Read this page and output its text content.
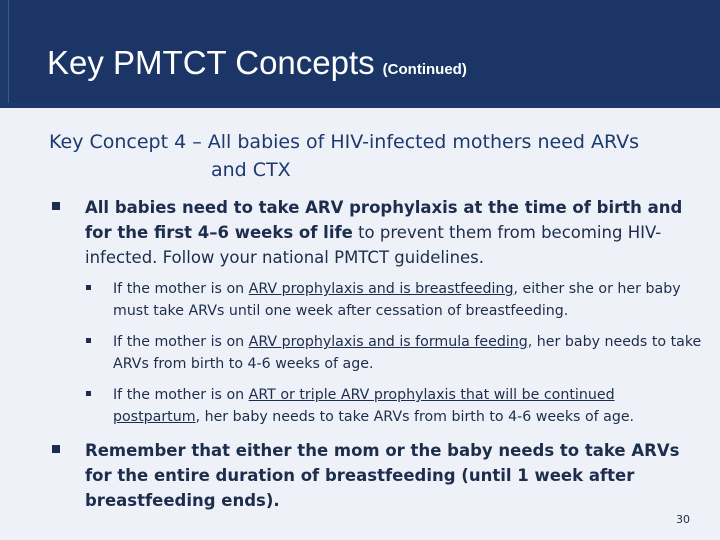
Key PMTCT Concepts (Continued)
Key Concept 4 – All babies of HIV-infected mothers need ARVs
and CTX
All babies need to take ARV prophylaxis at the time of birth and for the first 4–6 weeks of life to prevent them from becoming HIV-infected. Follow your national PMTCT guidelines.
If the mother is on ARV prophylaxis and is breastfeeding, either she or her baby must take ARVs until one week after cessation of breastfeeding.
If the mother is on ARV prophylaxis and is formula feeding, her baby needs to take ARVs from birth to 4-6 weeks of age.
If the mother is on ART or triple ARV prophylaxis that will be continued postpartum, her baby needs to take ARVs from birth to 4-6 weeks of age.
Remember that either the mom or the baby needs to take ARVs for the entire duration of breastfeeding (until 1 week after breastfeeding ends).
30
